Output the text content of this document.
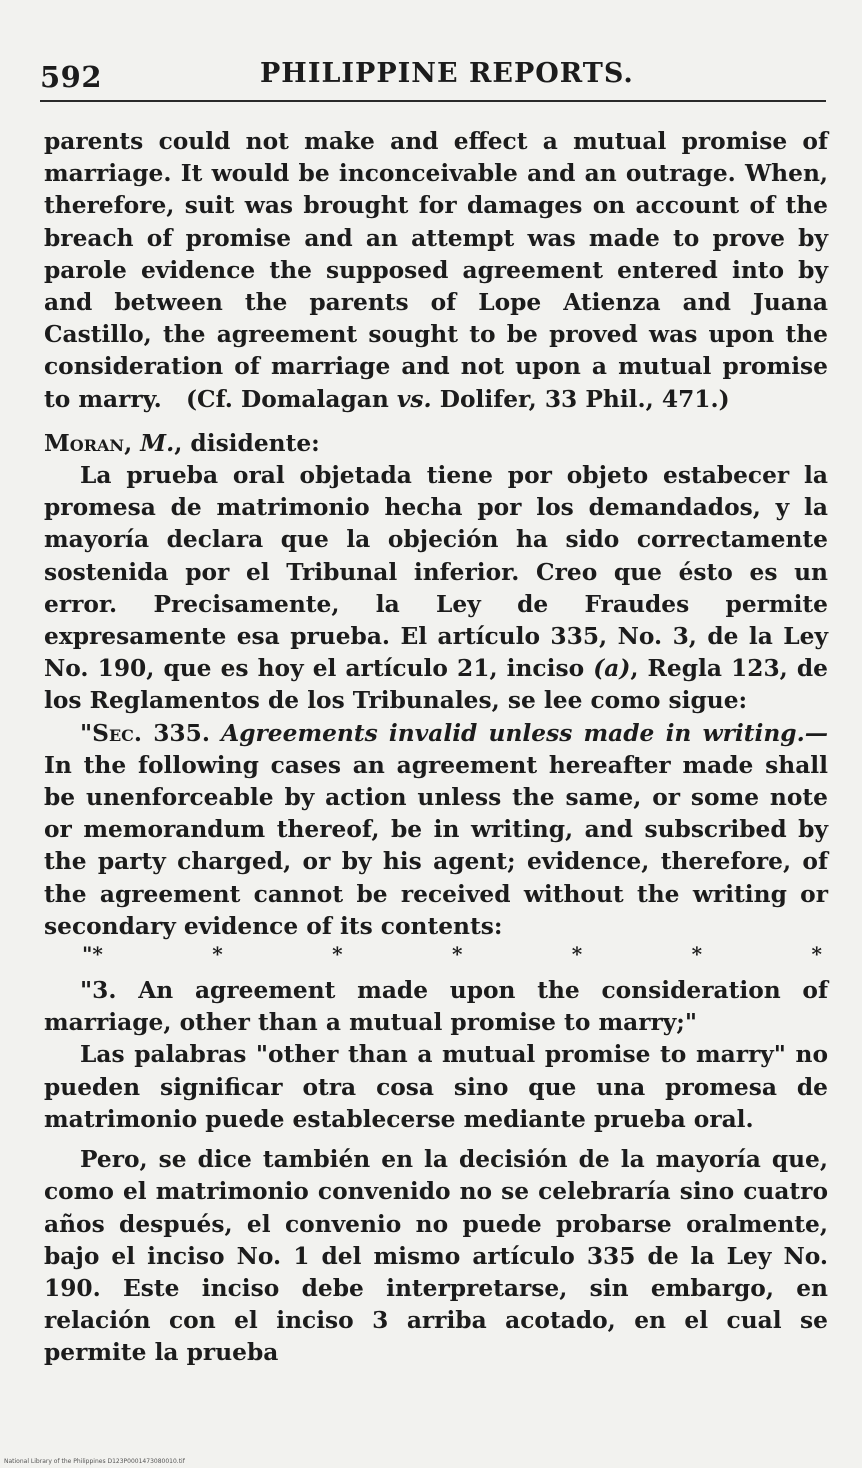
592	PHILIPPINE REPORTS.

parents could not make and effect a mutual promise of marriage. It would be inconceivable and an outrage. When, therefore, suit was brought for damages on account of the breach of promise and an attempt was made to prove by parole evidence the supposed agreement entered into by and between the parents of Lope Atienza and Juana Castillo, the agreement sought to be proved was upon the consideration of marriage and not upon a mutual promise to marry. (Cf. Domalagan vs. Dolifer, 33 Phil., 471.)

Moran, M., disidente:

La prueba oral objetada tiene por objeto estabecer la promesa de matrimonio hecha por los demandados, y la mayoría declara que la objeción ha sido correctamente sostenida por el Tribunal inferior. Creo que ésto es un error. Precisamente, la Ley de Fraudes permite expresamente esa prueba. El artículo 335, No. 3, de la Ley No. 190, que es hoy el artículo 21, inciso (a), Regla 123, de los Reglamentos de los Tribunales, se lee como sigue:

"Sec. 335. Agreements invalid unless made in writing.— In the following cases an agreement hereafter made shall be unenforceable by action unless the same, or some note or memorandum thereof, be in writing, and subscribed by the party charged, or by his agent; evidence, therefore, of the agreement cannot be received without the writing or secondary evidence of its contents:

"*	*	*	*	*	*	*

"3. An agreement made upon the consideration of marriage, other than a mutual promise to marry;"

Las palabras "other than a mutual promise to marry" no pueden significar otra cosa sino que una promesa de matrimonio puede establecerse mediante prueba oral.

Pero, se dice también en la decisión de la mayoría que, como el matrimonio convenido no se celebraría sino cuatro años después, el convenio no puede probarse oralmente, bajo el inciso No. 1 del mismo artículo 335 de la Ley No. 190. Este inciso debe interpretarse, sin embargo, en relación con el inciso 3 arriba acotado, en el cual se permite la prueba

National Library of the Philippines D123P0001473080010.tif
